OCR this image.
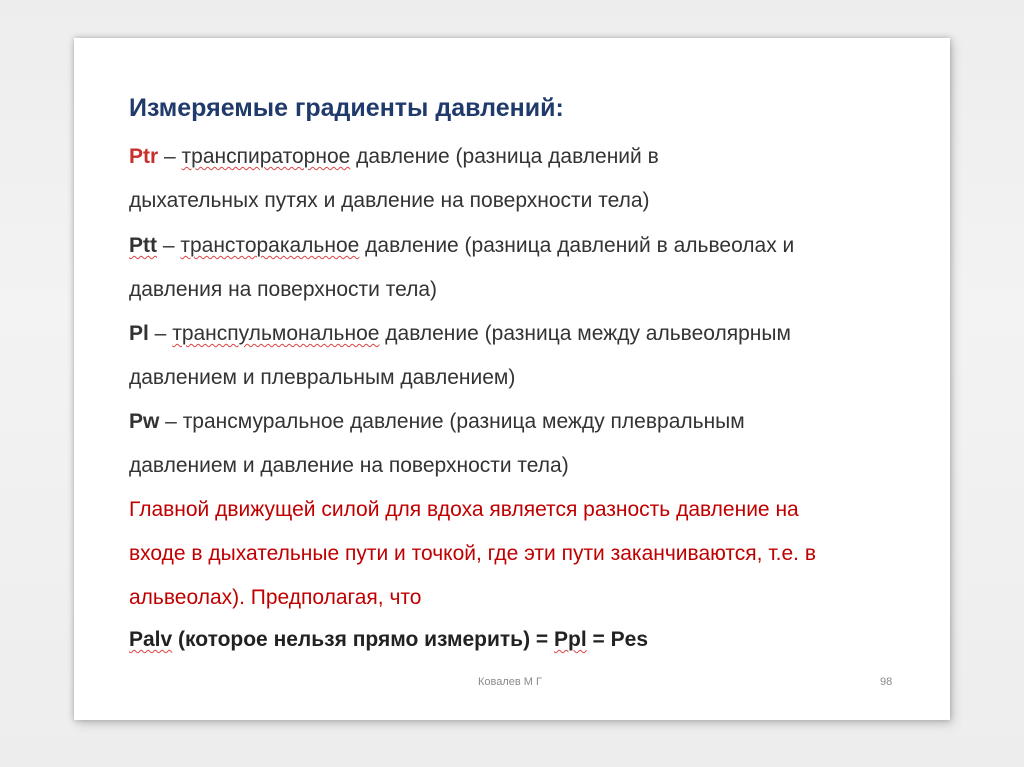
Измеряемые градиенты давлений:
Ptr – транспираторное давление (разница давлений в
дыхательных путях и давление на поверхности тела)
Ptt – трансторакальное давление (разница давлений в альвеолах и
давления на поверхности тела)
Pl – транспульмональное давление (разница между альвеолярным
давлением и плевральным давлением)
Pw – трансмуральное давление (разница между плевральным
давлением и давление на поверхности тела)
Главной движущей силой для вдоха является разность давление на
входе в дыхательные пути и точкой, где эти пути заканчиваются, т.е. в
альвеолах). Предполагая, что
Palv (которое нельзя прямо измерить) = Ppl = Pes
Ковалев М Г	98
